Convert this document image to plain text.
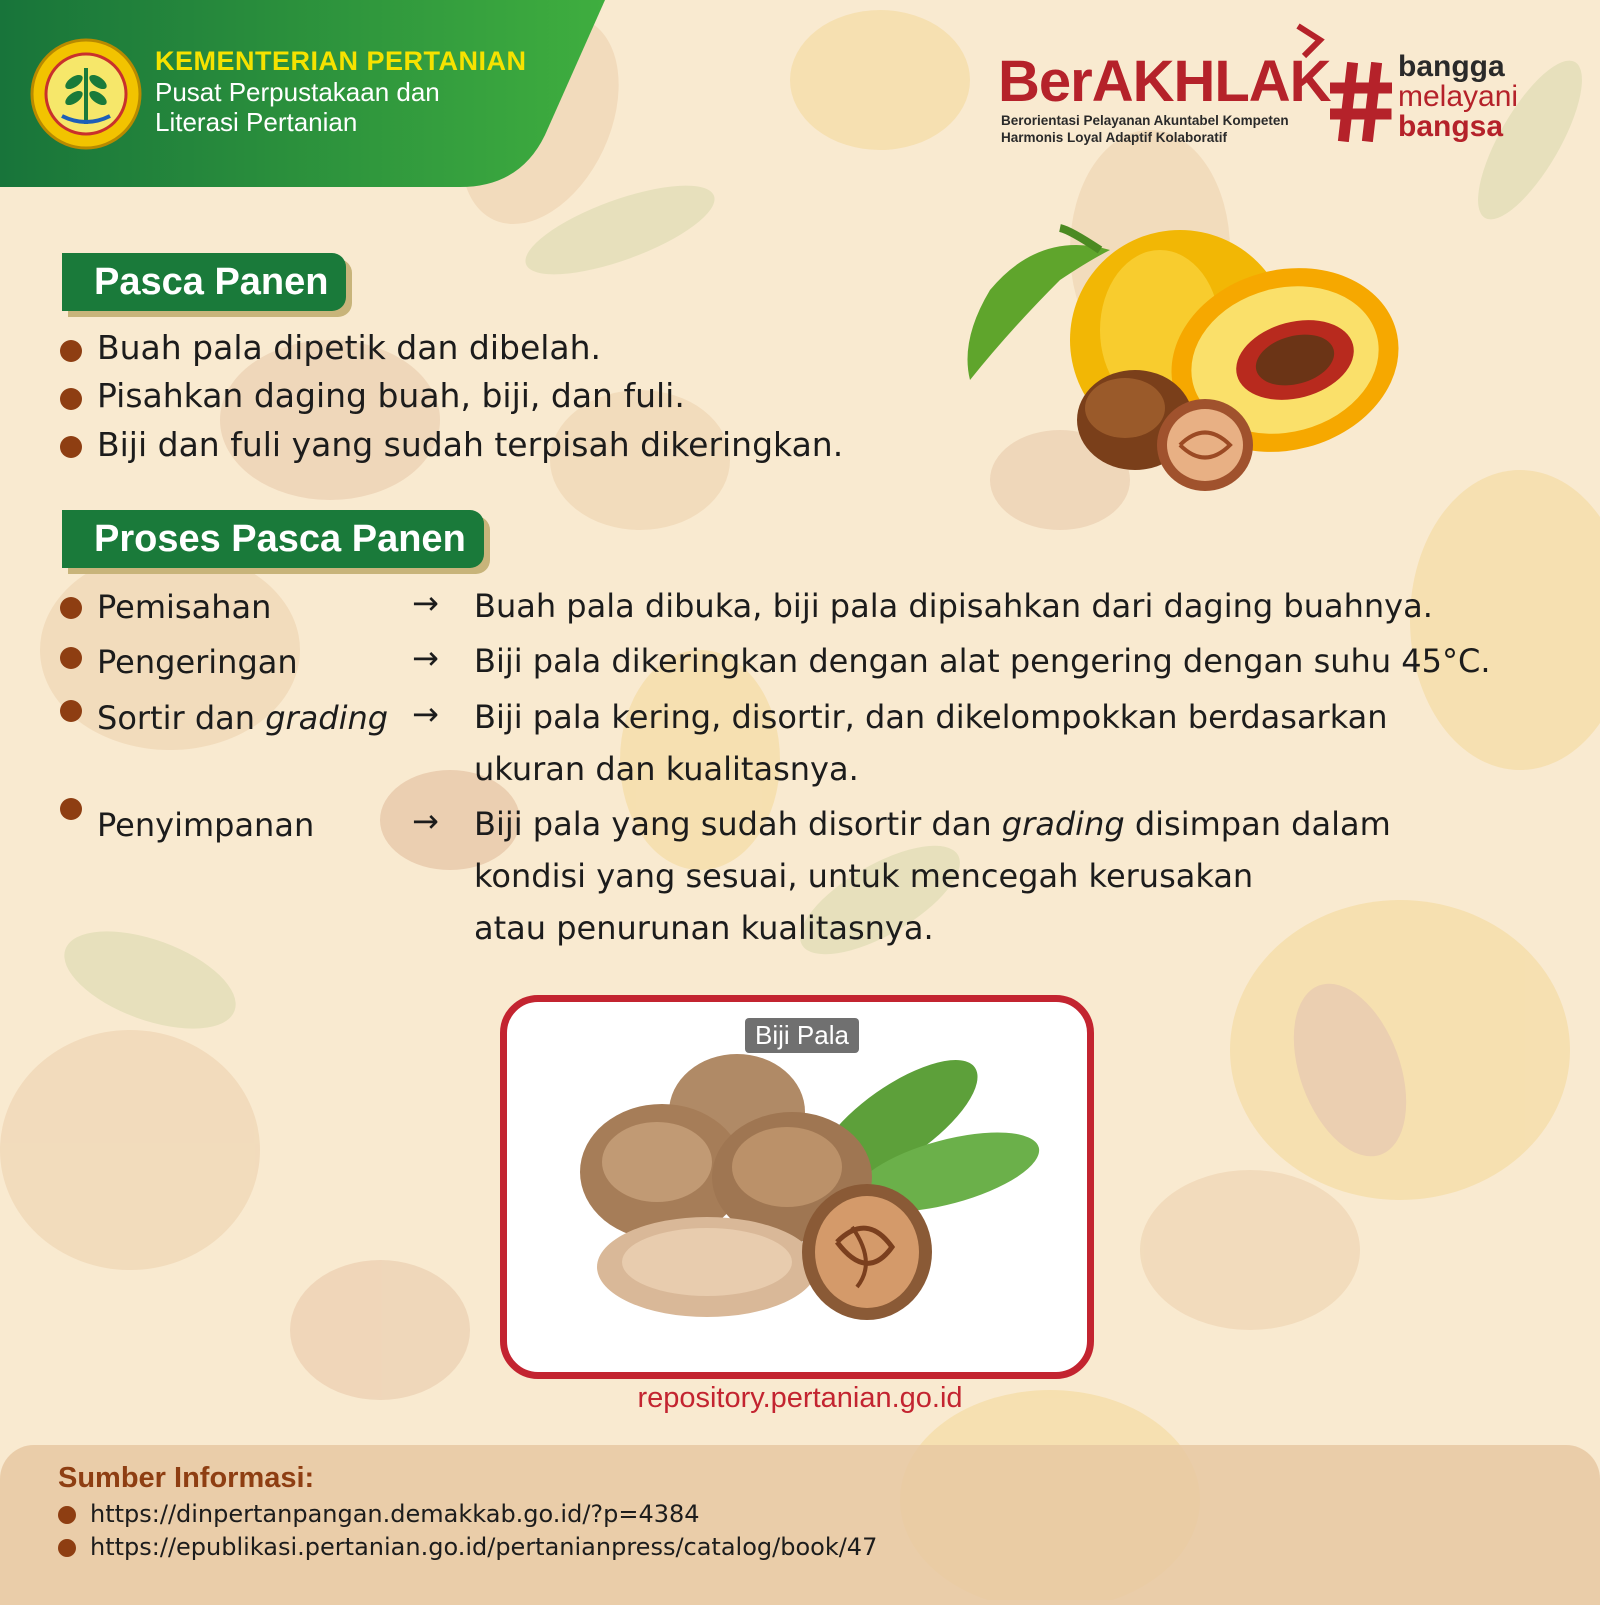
KEMENTERIAN PERTANIAN
Pusat Perpustakaan dan
Literasi Pertanian
BerAKHLAK
Berorientasi Pelayanan Akuntabel Kompeten
Harmonis Loyal Adaptif Kolaboratif
bangga
melayani
bangsa
Pasca Panen
Buah pala dipetik dan dibelah.
Pisahkan daging buah, biji, dan fuli.
Biji dan fuli yang sudah terpisah dikeringkan.
Proses Pasca Panen
Pemisahan	→ Buah pala dibuka, biji pala dipisahkan dari daging buahnya.
Pengeringan	→ Biji pala dikeringkan dengan alat pengering dengan suhu 45°C.
Sortir dan grading → Biji pala kering, disortir, dan dikelompokkan berdasarkan
ukuran dan kualitasnya.
Penyimpanan	→ Biji pala yang sudah disortir dan grading disimpan dalam
kondisi yang sesuai, untuk mencegah kerusakan
atau penurunan kualitasnya.
Biji Pala
repository.pertanian.go.id
Sumber Informasi:
https://dinpertanpangan.demakkab.go.id/?p=4384
https://epublikasi.pertanian.go.id/pertanianpress/catalog/book/47
